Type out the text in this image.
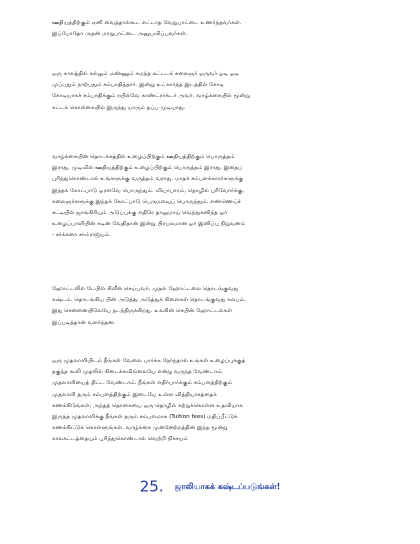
ஊதியத்திற்கும் ஏனி வைத்தால்கூட எட்டாத வேறுபாட்டை உணர்ந்தவர்கள்.
இப்போதோ அதன் மாறுபாட்டை அனுபவிப்பவர்கள்.

ஒரு காலத்தில் கல்லும் மண்ணும் சுமந்த கட்டடக் கலைஞர் ஒருவர் ஓடி ஓடி
முப்பதும் நாற்பதும் சம்பாதித்தார். இன்று உட்கார்ந்த இடத்தில் கோடி
கோடியாகச் சம்பாதிக்கும் ரயில்வே காண்ட்ராக்டர் அவர். வாழ்க்கையில் மூன்று
கட்டக் கொள்கையில் இருந்து யாரும் தப்ப முடியாது.

வாழ்க்கையின் தொடக்கத்தில் உழைப்பிற்கும் ஊதியத்திற்கும் பொருத்தம்
இராது. முடிவில் ஊதியத்திற்கும் உழைப்பிற்கும் பொருத்தம் இராது. இதைப்
புரிந்துகொண்டால் உங்களுக்கு வருத்தம் வராது. மாதச் சம்பளக்காரர்களுக்கு
இந்தக் கோட்பாடு ஓரளவே பொருந்தும். வியாபாரம், தொழில் புரிவோர்க்கு,
கலைஞர்களுக்கு இந்தக் கோட்பாடு பெருமளவுப் பொருந்தும். எண்ணெய்ச்
சட்டியில் ஜாங்கிரியும் அடுப்புக்கு எதிரே தாலுமாய் வெந்துகனிந்த ஓர்
உழைப்பாளியின் கடின வேதிதான் இன்று பிரபலமான ஓர் இனிப்பு நிறுவனம்
- சர்க்கரை சாம்ராஜ்யம்.

ஹோட்டலில் டேபிள் கிளீன் செய்பவர், முதல் ஹோட்டலை தொடங்குவது
கஷ்டம். தொடங்கிய பின் அடுத்து அடுத்துக் கிளைகள் தொடங்குவது சுலபம்.
இது சென்னையிலேயே நடந்திருக்கிறது. உலகின் செயின் ஹோட்டல்கள்
இப்படித்தான் வளர்ந்தன.

ஒரு முதலாளியிடம் நீங்கள் வேலை பார்க்க நேர்ந்தால் உங்கள் உழைப்புக்குத்
தகுந்த கூலி முதலில் கிடைக்கவில்லையே என்று வருந்த வேண்டாம்.
முதலாளியைத் திட்ட வேண்டாம். நீங்கள் எதிர்பார்க்கும் சம்பளத்திற்கும்
முதலாளி தரும் சம்பளத்திற்கும் இடையே உள்ள வித்தியாசத்தைக்
கணக்கிடுங்கள்; அந்தத் தொகையை ஒரு தொழில் கற்றுக்கொள்ள உதவியாக
இருந்த முதலாளிக்கு நீங்கள் தரும் சம்பளமாக (Tuition fees) மதிப்பீட்டுக்
கணக்கிட்டுக் கொள்ளுங்கள். வாழ்க்கை முன்னேற்றத்தின் இந்த மூன்று
காலகட்டத்தையும் புரிந்துகொண்டால் வெற்றி நிச்சயம்

25. ஜாலியாகக் கஷ்டப்படுங்கள்!
